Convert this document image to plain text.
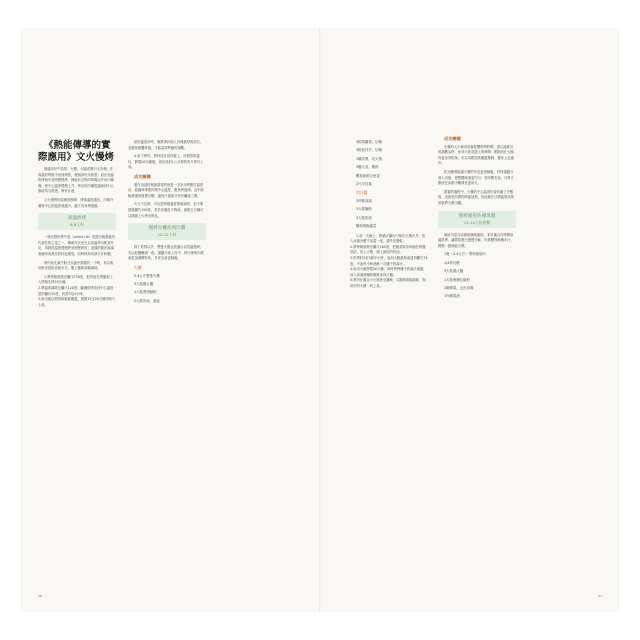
《熱能傳導的實際應用》文火慢烤

最適用於牛肋排、火雞、火腿或整只大肉塊，在高溫的烤箱中表面烤焦，裡頭卻仍未熟透；而在低溫的烤箱中長時間慢烤，熱能有足夠的時間由外向內傳導，使中心溫度慢慢上升，烤出的肉塊從邊緣到中心都能均勻熟透、保有汁液。

文火慢烤的原理很簡單：烤箱溫度越低，肉塊外層與中心的溫差就越小，越不容易烤過頭。

高溫烘烤
6-8人份

一塊完整的烤牛肋（prime rib）是週日晚餐最具代表性的主菜之一，傳統作法是先以高溫烤出焦香外皮，再降低溫度慢慢烤至理想熟度；這樣的做法能讓表層形成漂亮的棕色硬殼，同時保持內部多汁粉嫩。

烤肉前先讓牛肋在室溫中靜置約一小時，再以廚房紙巾拭乾表面水分，撒上鹽與胡椒調味。

1.將烤箱預熱至攝氏230度，把肉放在烤盤架上入烤箱先烤20分鐘。
2.將溫度調降至攝氏120度，繼續烘烤直到中心溫度達到攝氏52度，約需3至4小時。
3.取出後以鋁箔紙鬆鬆覆蓋，靜置15至20分鐘再切片上桌。

使用溫度計時，應將探針插入肉塊最厚的部位，並避免碰觸骨頭，才能量得準確的讀數。

4.取下烤肉，將肉放在切肉板上，用鋁箔紙蓋住，靜置20分鐘後，再切成約1公分厚的肉片即可上桌。

成功關鍵

製作這道料理最重要的就是一支好用的數位溫度計，能隨時掌握肉塊中心溫度，避免烤過頭；也別省略最後的靜置步驟，讓肉汁重新分布於纖維之間。

火力不足時，可以把烤箱溫度微微調高，但不要超過攝氏150度；若外皮顏色不夠深，最後五分鐘可以開啟上火烤出焦色。

慢烤火雞佐肉汁醬
10-12人份

除了肋排以外，整隻火雞也很適合以低溫慢烤；先以乾鹽醃漬一夜，讓鹽分滲入肉中，烤出來的肉質會更加濕潤有味，外皮也會更酥脆。

火雞

5.4公斤整隻火雞

3大匙猶太鹽

1大匙黑胡椒粉

2大匙奶油，融化

36

3根胡蘿蔔，切塊

3根西洋芹，切塊

1顆洋蔥，切大塊

3瓣大蒜，壓碎

數根新鮮百里香

2片月桂葉

肉汁醬

2杯雞高湯

3大匙麵粉

3大匙奶油

鹽與胡椒適量

1.前一天晚上，將猶太鹽均勻抹在火雞內外，放入冰箱冷藏不加蓋一夜，讓外皮變乾。
2.將烤箱預熱至攝氏165度，把蔬菜與香草鋪在烤盤底部，放上火雞，刷上融化的奶油。
3.烘烤約3至3個半小時，直到大腿最厚處達到攝氏74度，中途每小時澆淋一次盤中的湯汁。
4.取出火雞靜置30分鐘，同時將烤盤中的湯汁過濾，加入高湯與麵粉糊煮成肉汁醬。
5.將肉汁醬以小火熬煮至濃稠，以鹽與胡椒調味，與切好的火雞一同上桌。

成功關鍵

火雞的大小與形狀會影響烘烤時間，請以溫度計的讀數為準，而非只看食譜上的時間；雞胸肉比大腿肉更容易乾柴，可以用鋁箔紙覆蓋雞胸，避免上色過快。

乾式醃漬能讓火雞的外皮更加酥脆，同時讓鹽分深入肉裡，使整體味道更均勻；若時間充裕，可將火雞放在冰箱中醃漬長達兩天。

靜置的過程中，火雞的中心溫度仍會持續上升數度，這就是所謂的餘溫加熱，因此應在目標溫度前幾度就將火雞出爐。

慢烤豬肩佐蘋果醬
12-14人份套餐

豬肩肉富含結締組織與脂肪，非常適合長時間低溫烘烤，讓膠原蛋白慢慢分解，肉質變得軟嫩多汁，輕輕一撥就能分開。

1隻（3-4公斤）帶骨豬肩肉

1/4杯紅糖

3大匙猶太鹽

1大匙煙燻紅椒粉

2顆蘋果，去皮切塊

1杯蘋果酒

37
